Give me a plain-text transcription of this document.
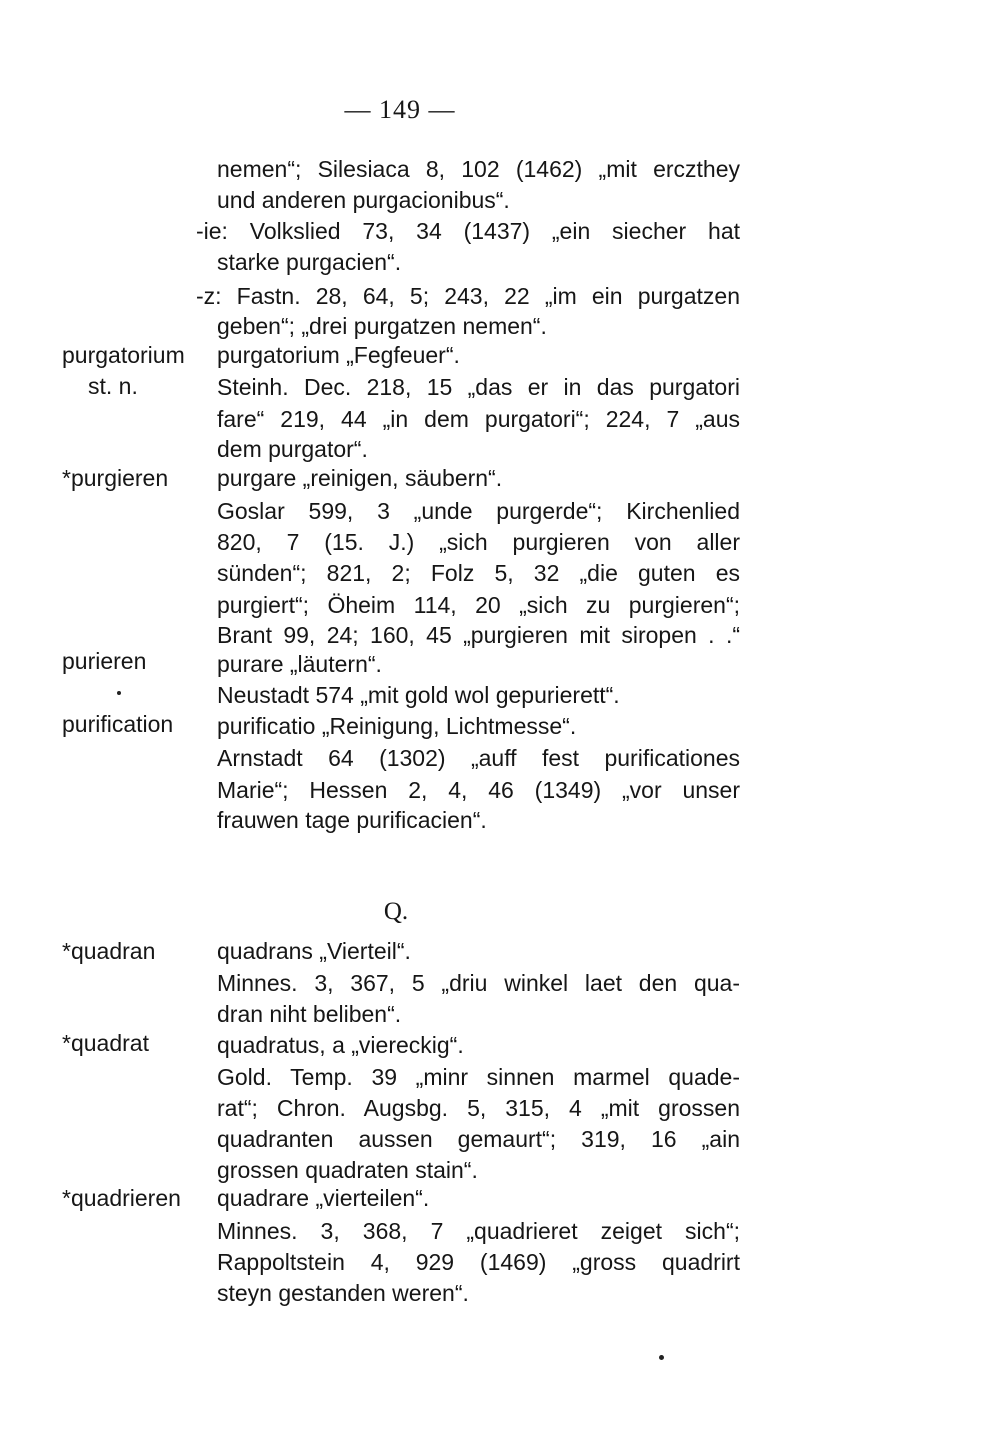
— 149 —
nemen“; Silesiaca 8, 102 (1462) „mit erczthey
und anderen purgacionibus“.
-ie: Volkslied 73, 34 (1437) „ein siecher hat
starke purgacien“.
-z: Fastn. 28, 64, 5; 243, 22 „im ein purgatzen
geben“; „drei purgatzen nemen“.
purgatorium	purgatorium „Fegfeuer“.
st. n.	Steinh. Dec. 218, 15 „das er in das purgatori
fare“ 219, 44 „in dem purgatori“; 224, 7 „aus
dem purgator“.
*purgieren	purgare „reinigen, säubern“.
Goslar 599, 3 „unde purgerde“; Kirchenlied
820, 7 (15. J.) „sich purgieren von aller
sünden“; 821, 2; Folz 5, 32 „die guten es
purgiert“; Öheim 114, 20 „sich zu purgieren“;
Brant 99, 24; 160, 45 „purgieren mit siropen . .“
purieren	purare „läutern“.
Neustadt 574 „mit gold wol gepurierett“.
purification	purificatio „Reinigung, Lichtmesse“.
Arnstadt 64 (1302) „auff fest purificationes
Marie“; Hessen 2, 4, 46 (1349) „vor unser
frauwen tage purificacien“.
Q.
*quadran	quadrans „Vierteil“.
Minnes. 3, 367, 5 „driu winkel laet den qua-
dran niht beliben“.
*quadrat	quadratus, a „viereckig“.
Gold. Temp. 39 „minr sinnen marmel quade-
rat“; Chron. Augsbg. 5, 315, 4 „mit grossen
quadranten aussen gemaurt“; 319, 16 „ain
grossen quadraten stain“.
*quadrieren	quadrare „vierteilen“.
Minnes. 3, 368, 7 „quadrieret zeiget sich“;
Rappoltstein 4, 929 (1469) „gross quadrirt
steyn gestanden weren“.
